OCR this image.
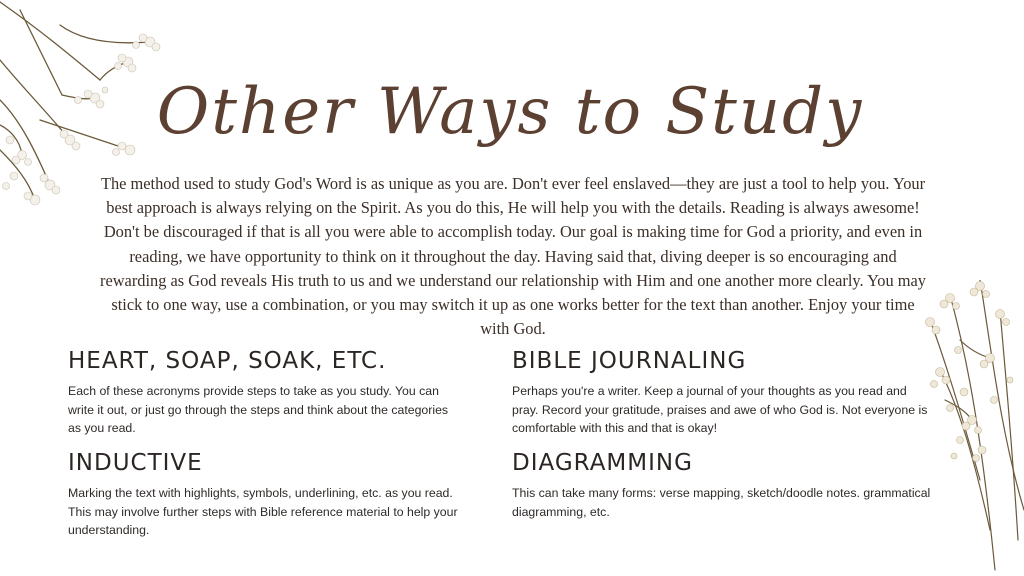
Other Ways to Study
The method used to study God's Word is as unique as you are. Don't ever feel enslaved—they are just a tool to help you. Your best approach is always relying on the Spirit. As you do this, He will help you with the details. Reading is always awesome! Don't be discouraged if that is all you were able to accomplish today. Our goal is making time for God a priority, and even in reading, we have opportunity to think on it throughout the day. Having said that, diving deeper is so encouraging and rewarding as God reveals His truth to us and we understand our relationship with Him and one another more clearly. You may stick to one way, use a combination, or you may switch it up as one works better for the text than another. Enjoy your time with God.
HEART, SOAP, SOAK, ETC.
Each of these acronyms provide steps to take as you study. You can write it out, or just go through the steps and think about the categories as you read.
BIBLE JOURNALING
Perhaps you're a writer. Keep a journal of your thoughts as you read and pray. Record your gratitude, praises and awe of who God is. Not everyone is comfortable with this and that is okay!
INDUCTIVE
Marking the text with highlights, symbols, underlining, etc. as you read. This may involve further steps with Bible reference material to help your understanding.
DIAGRAMMING
This can take many forms: verse mapping, sketch/doodle notes. grammatical diagramming, etc.
